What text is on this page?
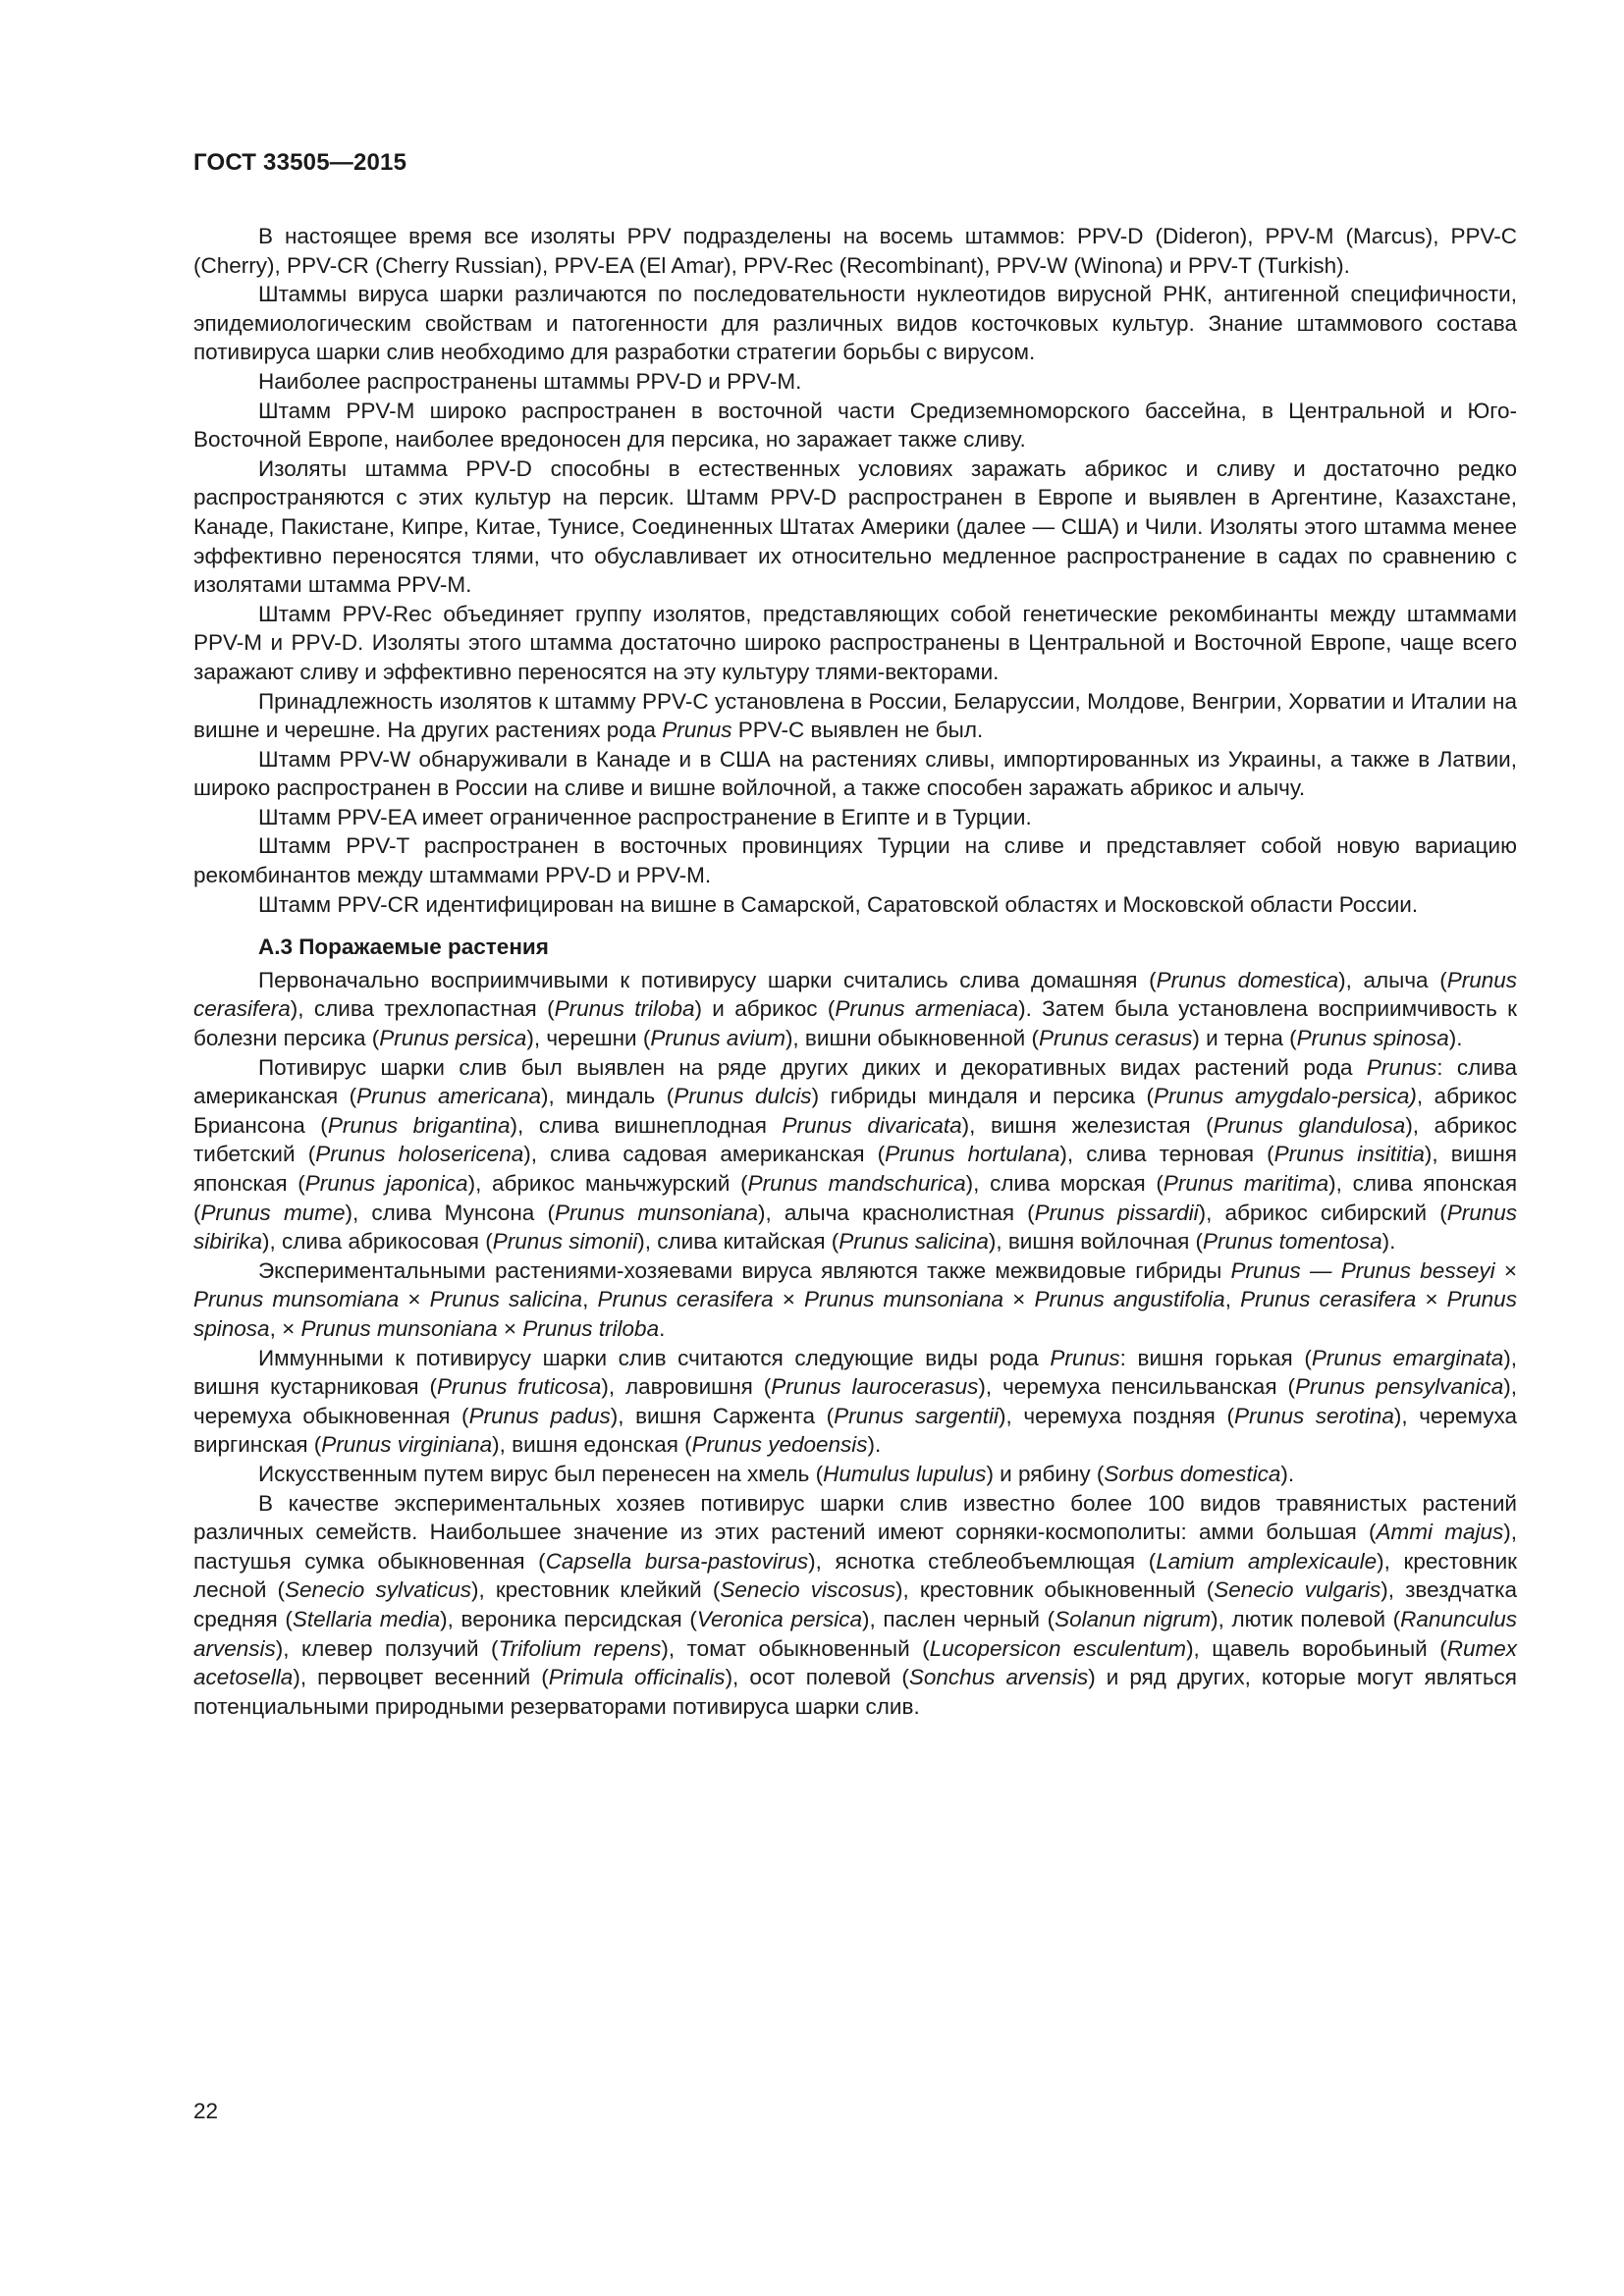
ГОСТ 33505—2015

В настоящее время все изоляты PPV подразделены на восемь штаммов: PPV-D (Dideron), PPV-M (Marcus), PPV-C (Cherry), PPV-CR (Cherry Russian), PPV-EA (El Amar), PPV-Rec (Recombinant), PPV-W (Winona) и PPV-T (Turkish).

Штаммы вируса шарки различаются по последовательности нуклеотидов вирусной РНК, антигенной специфичности, эпидемиологическим свойствам и патогенности для различных видов косточковых культур. Знание штаммового состава потивируса шарки слив необходимо для разработки стратегии борьбы с вирусом.

Наиболее распространены штаммы PPV-D и PPV-M.

Штамм PPV-M широко распространен в восточной части Средиземноморского бассейна, в Центральной и Юго-Восточной Европе, наиболее вредоносен для персика, но заражает также сливу.

Изоляты штамма PPV-D способны в естественных условиях заражать абрикос и сливу и достаточно редко распространяются с этих культур на персик. Штамм PPV-D распространен в Европе и выявлен в Аргентине, Казахстане, Канаде, Пакистане, Кипре, Китае, Тунисе, Соединенных Штатах Америки (далее — США) и Чили. Изоляты этого штамма менее эффективно переносятся тлями, что обуславливает их относительно медленное распространение в садах по сравнению с изолятами штамма PPV-M.

Штамм PPV-Rec объединяет группу изолятов, представляющих собой генетические рекомбинанты между штаммами PPV-M и PPV-D. Изоляты этого штамма достаточно широко распространены в Центральной и Восточной Европе, чаще всего заражают сливу и эффективно переносятся на эту культуру тлями-векторами.

Принадлежность изолятов к штамму PPV-C установлена в России, Беларуссии, Молдове, Венгрии, Хорватии и Италии на вишне и черешне. На других растениях рода Prunus PPV-C выявлен не был.

Штамм PPV-W обнаруживали в Канаде и в США на растениях сливы, импортированных из Украины, а также в Латвии, широко распространен в России на сливе и вишне войлочной, а также способен заражать абрикос и алычу.

Штамм PPV-EA имеет ограниченное распространение в Египте и в Турции.

Штамм PPV-T распространен в восточных провинциях Турции на сливе и представляет собой новую вариацию рекомбинантов между штаммами PPV-D и PPV-M.

Штамм PPV-CR идентифицирован на вишне в Самарской, Саратовской областях и Московской области России.

А.3 Поражаемые растения

Первоначально восприимчивыми к потивирусу шарки считались слива домашняя (Prunus domestica), алыча (Prunus cerasifera), слива трехлопастная (Prunus triloba) и абрикос (Prunus armeniaca). Затем была установлена восприимчивость к болезни персика (Prunus persica), черешни (Prunus avium), вишни обыкновенной (Prunus cerasus) и терна (Prunus spinosa).

Потивирус шарки слив был выявлен на ряде других диких и декоративных видах растений рода Prunus: слива американская (Prunus americana), миндаль (Prunus dulcis) гибриды миндаля и персика (Prunus amygdalo-persica), абрикос Бриансона (Prunus brigantina), слива вишнеплодная Prunus divaricata), вишня железистая (Prunus glandulosa), абрикос тибетский (Prunus holosericena), слива садовая американская (Prunus hortulana), слива терновая (Prunus insititia), вишня японская (Prunus japonica), абрикос маньчжурский (Prunus mandschurica), слива морская (Prunus maritima), слива японская (Prunus mume), слива Мунсона (Prunus munsoniana), алыча краснолистная (Prunus pissardii), абрикос сибирский (Prunus sibirika), слива абрикосовая (Prunus simonii), слива китайская (Prunus salicina), вишня войлочная (Prunus tomentosa).

Экспериментальными растениями-хозяевами вируса являются также межвидовые гибриды Prunus — Prunus besseyi × Prunus munsomiana × Prunus salicina, Prunus cerasifera × Prunus munsoniana × Prunus angustifolia, Prunus cerasifera × Prunus spinosa, × Prunus munsoniana × Prunus triloba.

Иммунными к потивирусу шарки слив считаются следующие виды рода Prunus: вишня горькая (Prunus emarginata), вишня кустарниковая (Prunus fruticosa), лавровишня (Prunus laurocerasus), черемуха пенсильванская (Prunus pensylvanica), черемуха обыкновенная (Prunus padus), вишня Саржента (Prunus sargentii), черемуха поздняя (Prunus serotina), черемуха виргинская (Prunus virginiana), вишня едонская (Prunus yedoensis).

Искусственным путем вирус был перенесен на хмель (Humulus lupulus) и рябину (Sorbus domestica).

В качестве экспериментальных хозяев потивирус шарки слив известно более 100 видов травянистых растений различных семейств. Наибольшее значение из этих растений имеют сорняки-космополиты: амми большая (Ammi majus), пастушья сумка обыкновенная (Capsella bursa-pastovirus), яснотка стеблеобъемлющая (Lamium amplexicaule), крестовник лесной (Senecio sylvaticus), крестовник клейкий (Senecio viscosus), крестовник обыкновенный (Senecio vulgaris), звездчатка средняя (Stellaria media), вероника персидская (Veronica persica), паслен черный (Solanun nigrum), лютик полевой (Ranunculus arvensis), клевер ползучий (Trifolium repens), томат обыкновенный (Lucopersicon esculentum), щавель воробьиный (Rumex acetosella), первоцвет весенний (Primula officinalis), осот полевой (Sonchus arvensis) и ряд других, которые могут являться потенциальными природными резерваторами потивируса шарки слив.

22
